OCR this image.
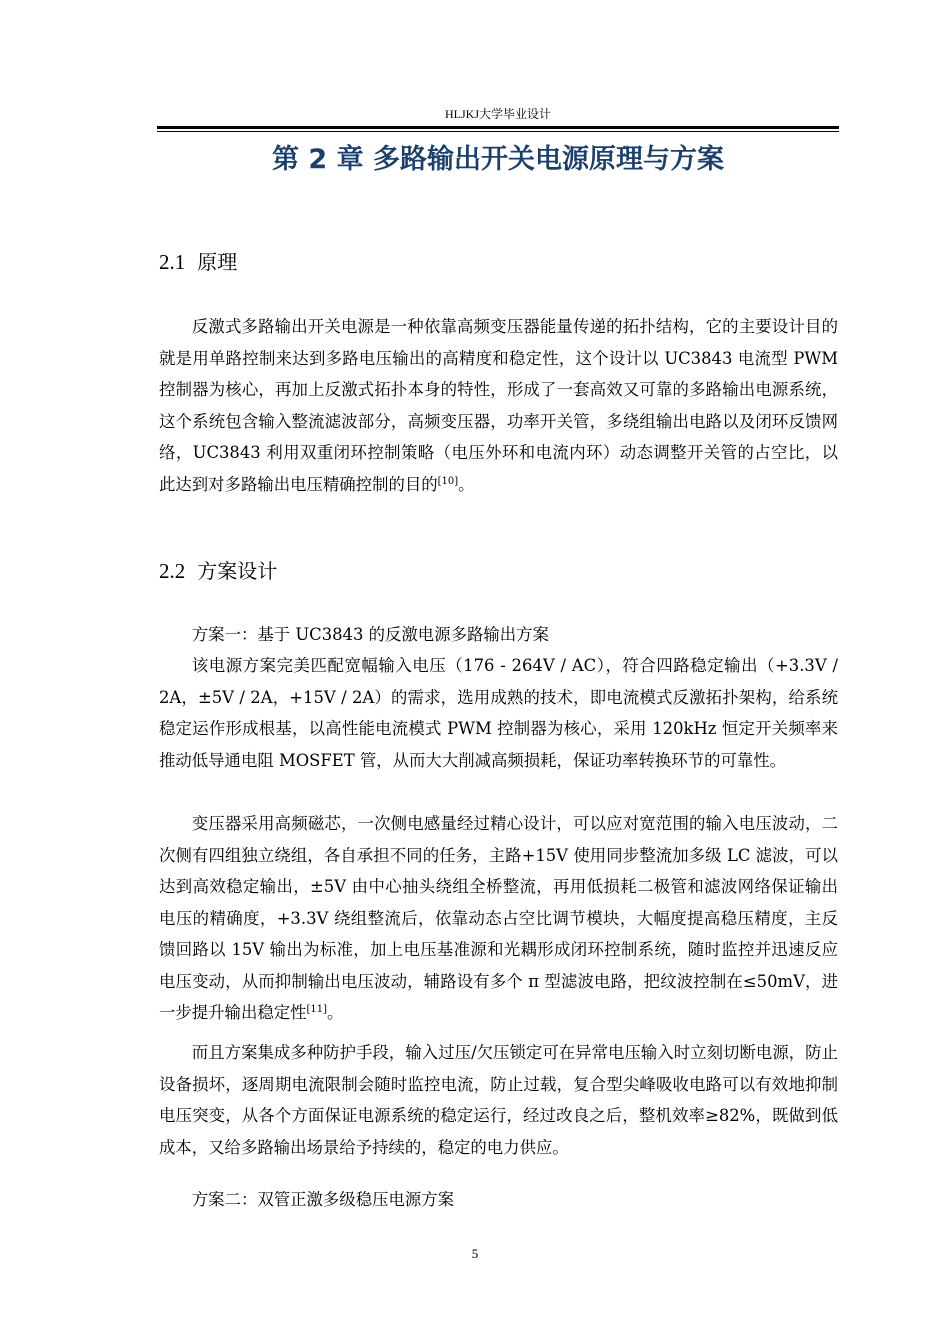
HLJKJ大学毕业设计
第 2 章 多路输出开关电源原理与方案
2.1 原理

反激式多路输出开关电源是一种依靠高频变压器能量传递的拓扑结构，它的主要设计目的就是用单路控制来达到多路电压输出的高精度和稳定性，这个设计以 UC3843 电流型 PWM 控制器为核心，再加上反激式拓扑本身的特性，形成了一套高效又可靠的多路输出电源系统，这个系统包含输入整流滤波部分，高频变压器，功率开关管，多绕组输出电路以及闭环反馈网络，UC3843 利用双重闭环控制策略（电压外环和电流内环）动态调整开关管的占空比，以此达到对多路输出电压精确控制的目的[10]。

2.2 方案设计

方案一：基于 UC3843 的反激电源多路输出方案

该电源方案完美匹配宽幅输入电压（176 - 264V / AC），符合四路稳定输出（+3.3V / 2A，±5V / 2A，+15V / 2A）的需求，选用成熟的技术，即电流模式反激拓扑架构，给系统稳定运作形成根基，以高性能电流模式 PWM 控制器为核心，采用 120kHz 恒定开关频率来推动低导通电阻 MOSFET 管，从而大大削减高频损耗，保证功率转换环节的可靠性。

变压器采用高频磁芯，一次侧电感量经过精心设计，可以应对宽范围的输入电压波动，二次侧有四组独立绕组，各自承担不同的任务，主路+15V 使用同步整流加多级 LC 滤波，可以达到高效稳定输出，±5V 由中心抽头绕组全桥整流，再用低损耗二极管和滤波网络保证输出电压的精确度，+3.3V 绕组整流后，依靠动态占空比调节模块，大幅度提高稳压精度，主反馈回路以 15V 输出为标准，加上电压基准源和光耦形成闭环控制系统，随时监控并迅速反应电压变动，从而抑制输出电压波动，辅路设有多个 π 型滤波电路，把纹波控制在≤50mV，进一步提升输出稳定性[11]。

而且方案集成多种防护手段，输入过压/欠压锁定可在异常电压输入时立刻切断电源，防止设备损坏，逐周期电流限制会随时监控电流，防止过载，复合型尖峰吸收电路可以有效地抑制电压突变，从各个方面保证电源系统的稳定运行，经过改良之后，整机效率≥82%，既做到低成本，又给多路输出场景给予持续的，稳定的电力供应。

方案二：双管正激多级稳压电源方案

5
